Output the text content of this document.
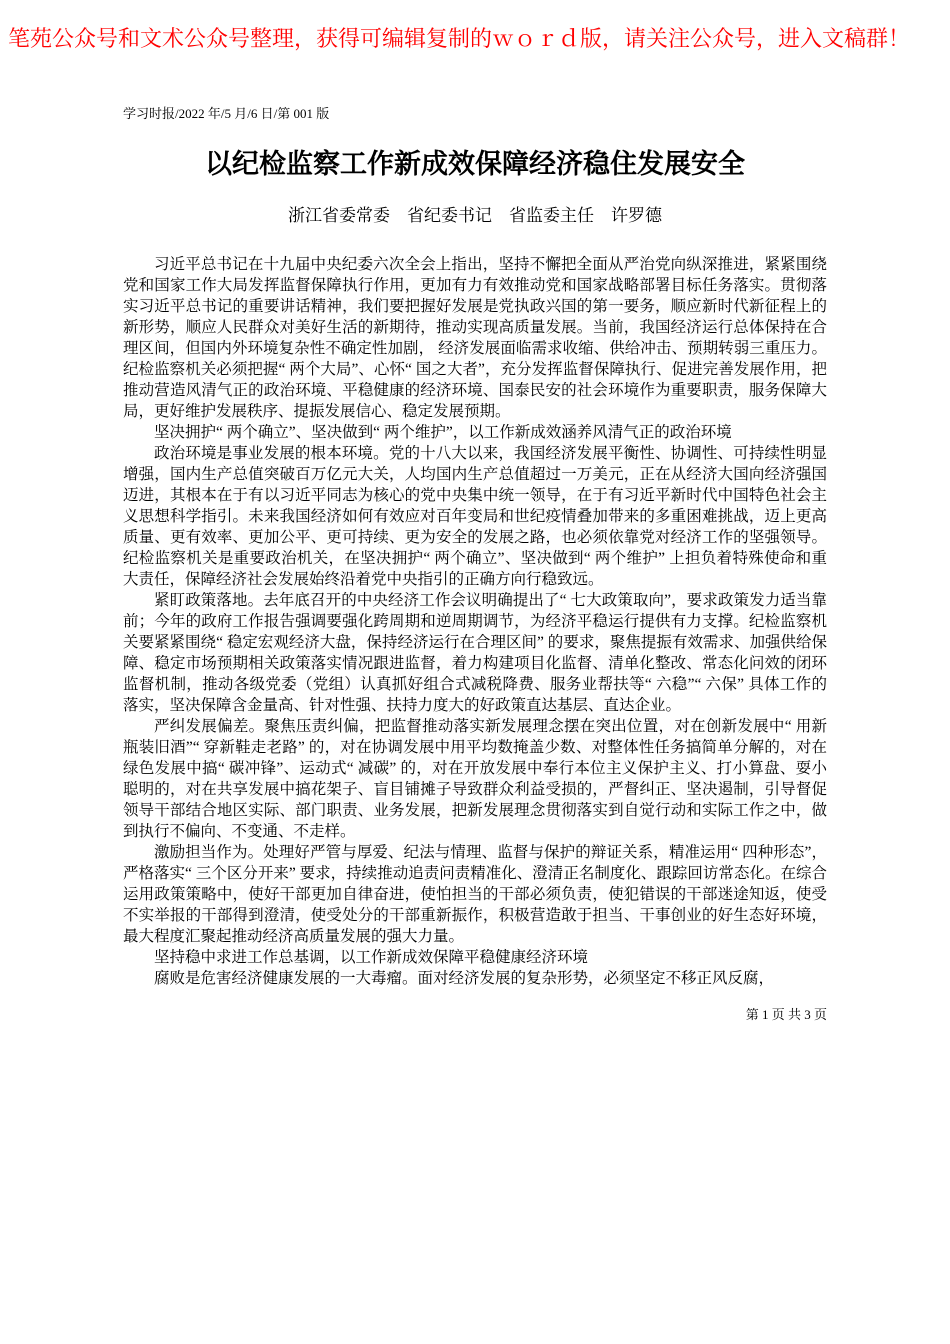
笔苑公众号和文术公众号整理，获得可编辑复制的ｗｏｒｄ版，请关注公众号，进入文稿群！
学习时报/2022 年/5 月/6 日/第 001 版
以纪检监察工作新成效保障经济稳住发展安全
浙江省委常委　省纪委书记　省监委主任　许罗德

习近平总书记在十九届中央纪委六次全会上指出，坚持不懈把全面从严治党向纵深推进，紧紧围绕党和国家工作大局发挥监督保障执行作用，更加有力有效推动党和国家战略部署目标任务落实。贯彻落实习近平总书记的重要讲话精神，我们要把握好发展是党执政兴国的第一要务，顺应新时代新征程上的新形势，顺应人民群众对美好生活的新期待，推动实现高质量发展。当前，我国经济运行总体保持在合理区间，但国内外环境复杂性不确定性加剧， 经济发展面临需求收缩、供给冲击、预期转弱三重压力。纪检监察机关必须把握“ 两个大局”、心怀“ 国之大者”，充分发挥监督保障执行、促进完善发展作用，把推动营造风清气正的政治环境、平稳健康的经济环境、国泰民安的社会环境作为重要职责，服务保障大局，更好维护发展秩序、提振发展信心、稳定发展预期。

坚决拥护“ 两个确立”、坚决做到“ 两个维护”，以工作新成效涵养风清气正的政治环境

政治环境是事业发展的根本环境。党的十八大以来，我国经济发展平衡性、协调性、可持续性明显增强，国内生产总值突破百万亿元大关，人均国内生产总值超过一万美元，正在从经济大国向经济强国迈进，其根本在于有以习近平同志为核心的党中央集中统一领导，在于有习近平新时代中国特色社会主义思想科学指引。未来我国经济如何有效应对百年变局和世纪疫情叠加带来的多重困难挑战，迈上更高质量、更有效率、更加公平、更可持续、更为安全的发展之路，也必须依靠党对经济工作的坚强领导。纪检监察机关是重要政治机关，在坚决拥护“ 两个确立”、坚决做到“ 两个维护” 上担负着特殊使命和重大责任，保障经济社会发展始终沿着党中央指引的正确方向行稳致远。

紧盯政策落地。去年底召开的中央经济工作会议明确提出了“ 七大政策取向”，要求政策发力适当靠前；今年的政府工作报告强调要强化跨周期和逆周期调节，为经济平稳运行提供有力支撑。纪检监察机关要紧紧围绕“ 稳定宏观经济大盘，保持经济运行在合理区间” 的要求，聚焦提振有效需求、加强供给保障、稳定市场预期相关政策落实情况跟进监督，着力构建项目化监督、清单化整改、常态化问效的闭环监督机制，推动各级党委（党组）认真抓好组合式减税降费、服务业帮扶等“ 六稳”“ 六保” 具体工作的落实，坚决保障含金量高、针对性强、扶持力度大的好政策直达基层、直达企业。

严纠发展偏差。聚焦压责纠偏，把监督推动落实新发展理念摆在突出位置，对在创新发展中“ 用新瓶装旧酒”“ 穿新鞋走老路” 的，对在协调发展中用平均数掩盖少数、对整体性任务搞简单分解的，对在绿色发展中搞“ 碳冲锋”、运动式“ 减碳” 的，对在开放发展中奉行本位主义保护主义、打小算盘、耍小聪明的，对在共享发展中搞花架子、盲目铺摊子导致群众利益受损的，严督纠正、坚决遏制，引导督促领导干部结合地区实际、部门职责、业务发展，把新发展理念贯彻落实到自觉行动和实际工作之中，做到执行不偏向、不变通、不走样。

激励担当作为。处理好严管与厚爱、纪法与情理、监督与保护的辩证关系，精准运用“ 四种形态”，严格落实“ 三个区分开来” 要求，持续推动追责问责精准化、澄清正名制度化、跟踪回访常态化。在综合运用政策策略中，使好干部更加自律奋进，使怕担当的干部必须负责，使犯错误的干部迷途知返，使受不实举报的干部得到澄清，使受处分的干部重新振作，积极营造敢于担当、干事创业的好生态好环境，最大程度汇聚起推动经济高质量发展的强大力量。

坚持稳中求进工作总基调，以工作新成效保障平稳健康经济环境

腐败是危害经济健康发展的一大毒瘤。面对经济发展的复杂形势，必须坚定不移正风反腐，

第 1 页 共 3 页
